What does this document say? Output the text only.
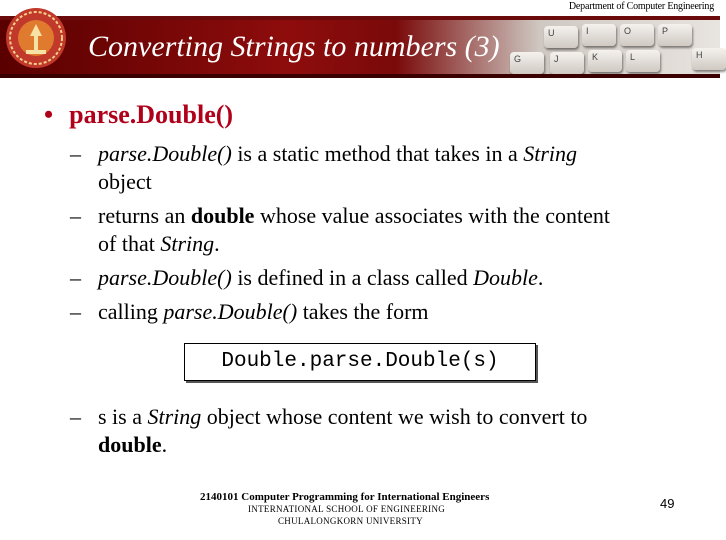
Department of Computer Engineering
U	I	O	P
J	K	L
G	H
Converting Strings to numbers (3)
• parse.Double()
– parse.Double() is a static method that takes in a String
object
– returns an double whose value associates with the content
of that String.
– parse.Double() is defined in a class called Double.
– calling parse.Double() takes the form
Double.parse.Double(s)
– s is a String object whose content we wish to convert to
double.
2140101 Computer Programming for International Engineers
INTERNATIONAL SCHOOL OF ENGINEERING
CHULALONGKORN UNIVERSITY
49
